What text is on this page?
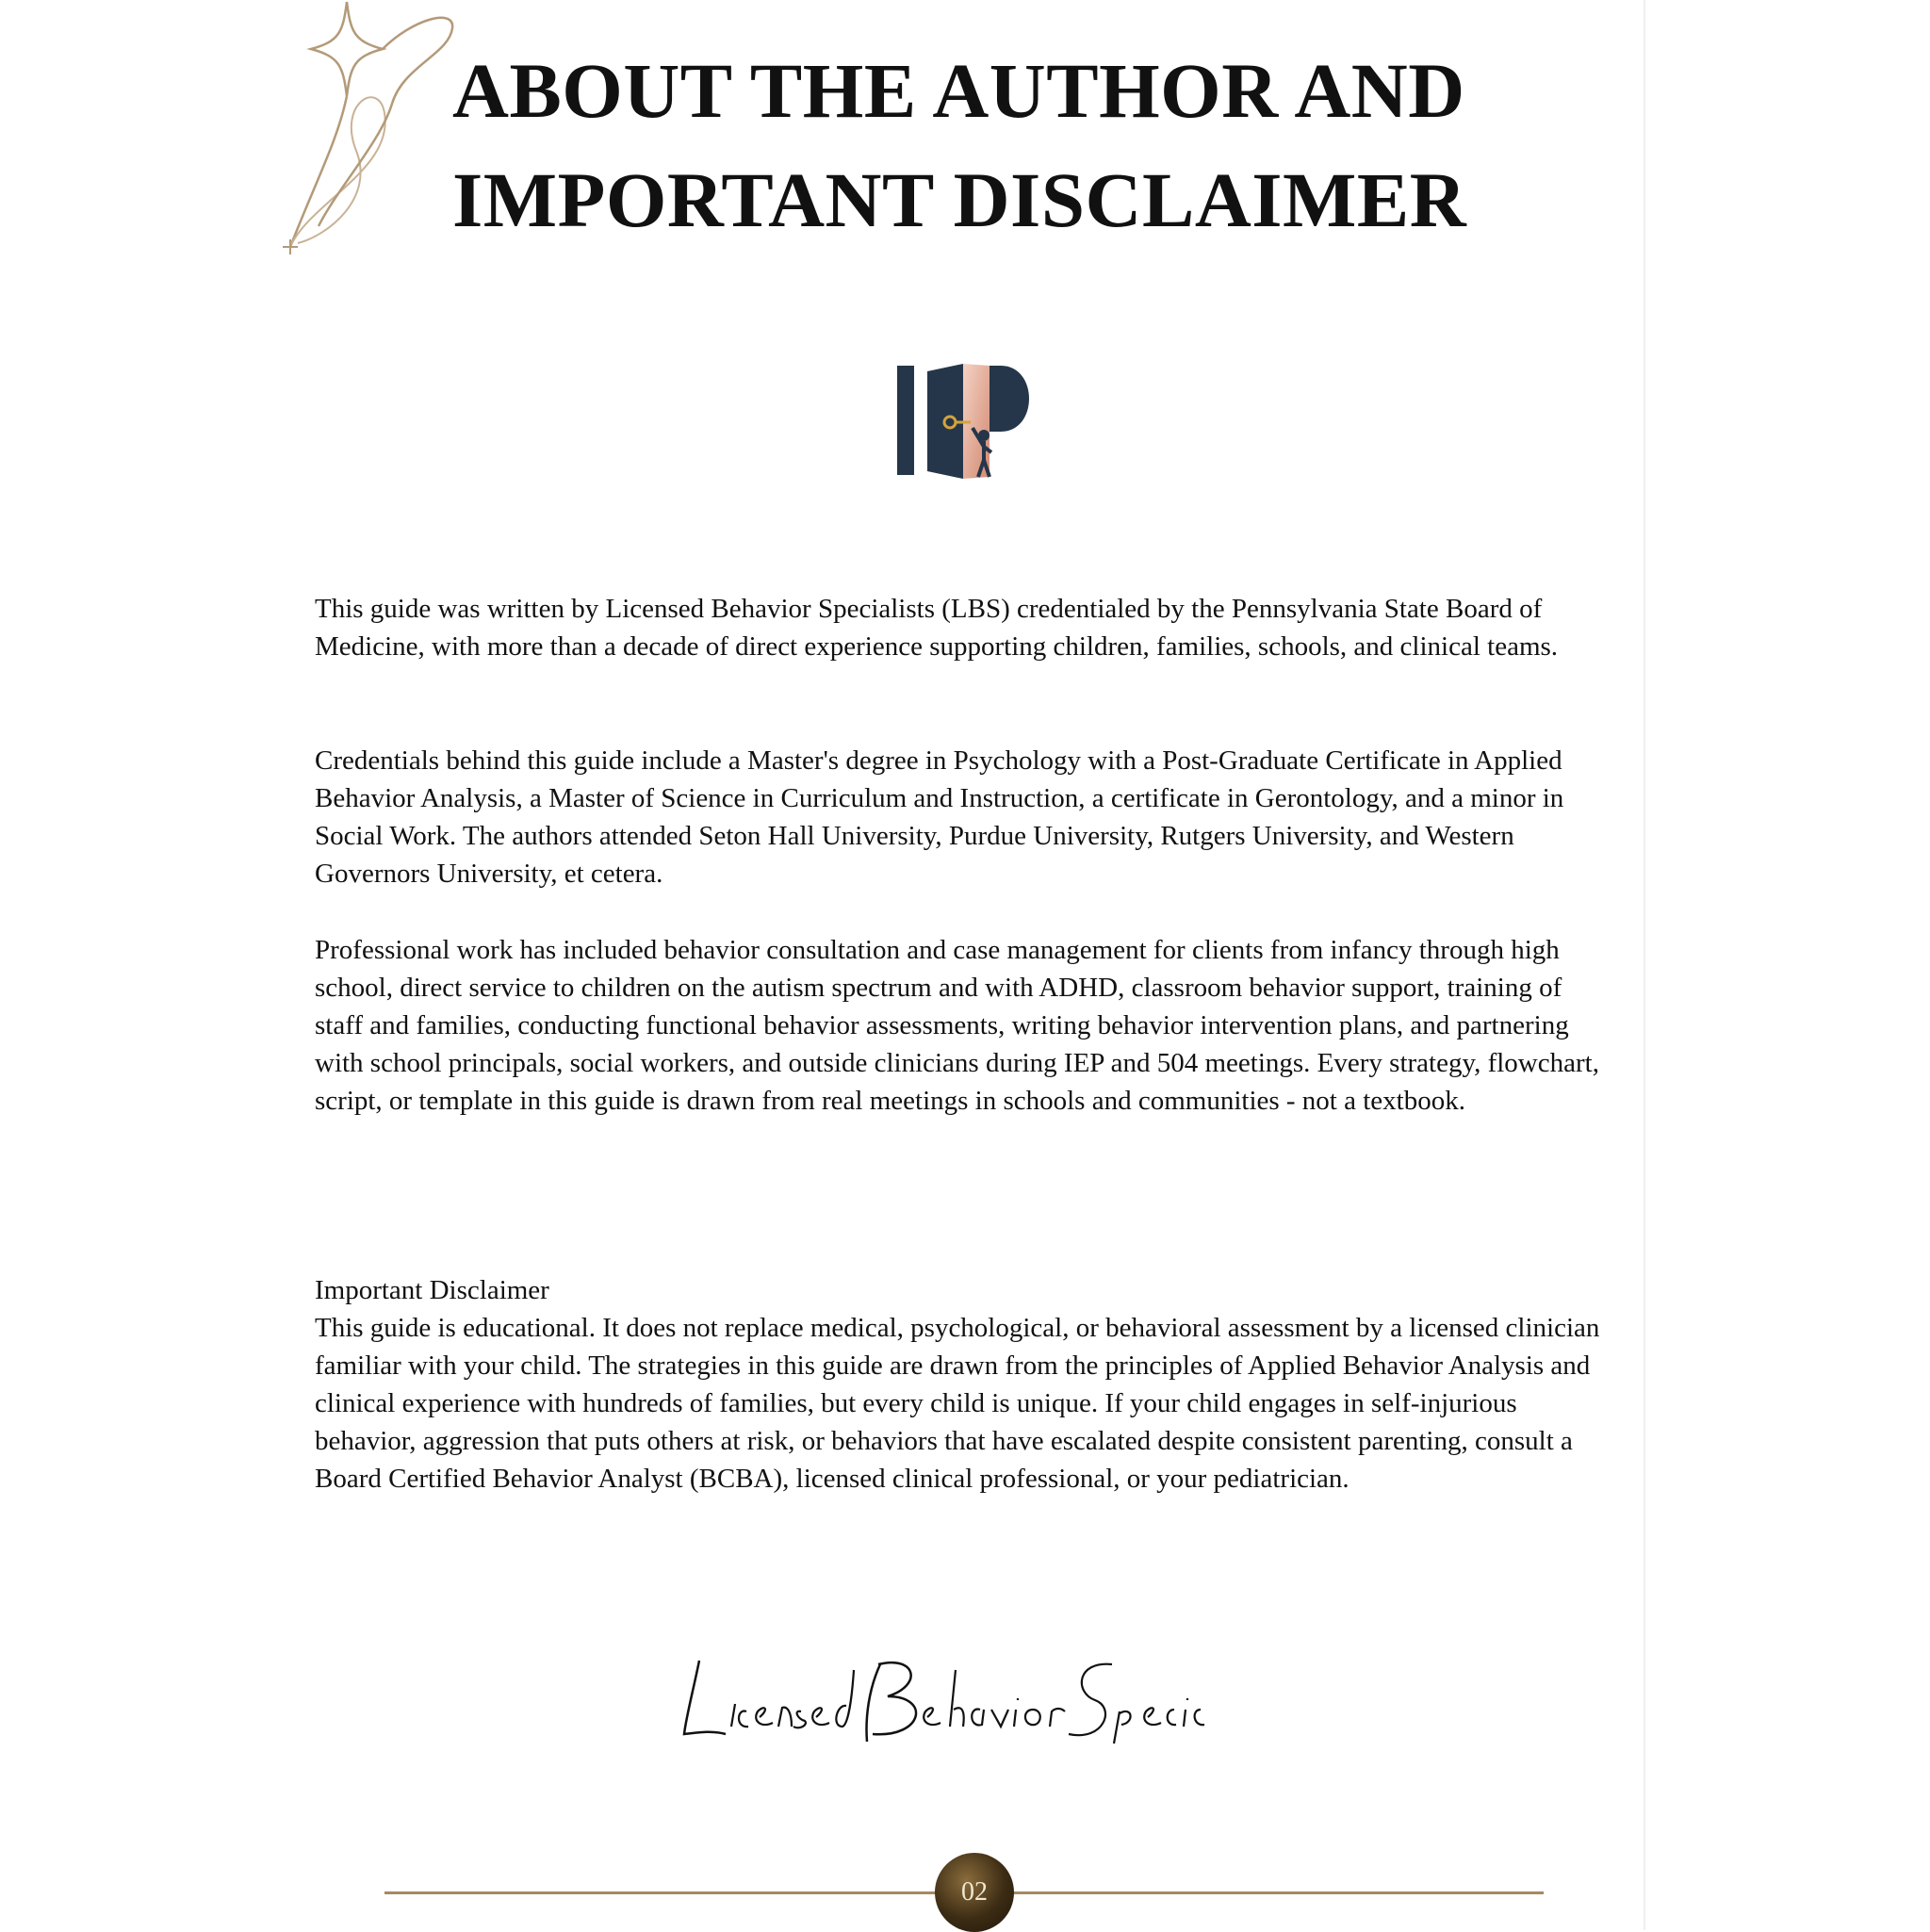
ABOUT THE AUTHOR AND
IMPORTANT DISCLAIMER

This guide was written by Licensed Behavior Specialists (LBS) credentialed by the Pennsylvania State Board of Medicine, with more than a decade of direct experience supporting children, families, schools, and clinical teams.

Credentials behind this guide include a Master's degree in Psychology with a Post-Graduate Certificate in Applied Behavior Analysis, a Master of Science in Curriculum and Instruction, a certificate in Gerontology, and a minor in Social Work. The authors attended Seton Hall University, Purdue University, Rutgers University, and Western Governors University, et cetera.

Professional work has included behavior consultation and case management for clients from infancy through high school, direct service to children on the autism spectrum and with ADHD, classroom behavior support, training of staff and families, conducting functional behavior assessments, writing behavior intervention plans, and partnering with school principals, social workers, and outside clinicians during IEP and 504 meetings. Every strategy, flowchart, script, or template in this guide is drawn from real meetings in schools and communities - not a textbook.

Important Disclaimer

This guide is educational. It does not replace medical, psychological, or behavioral assessment by a licensed clinician familiar with your child. The strategies in this guide are drawn from the principles of Applied Behavior Analysis and clinical experience with hundreds of families, but every child is unique. If your child engages in self-injurious behavior, aggression that puts others at risk, or behaviors that have escalated despite consistent parenting, consult a Board Certified Behavior Analyst (BCBA), licensed clinical professional, or your pediatrician.

02
